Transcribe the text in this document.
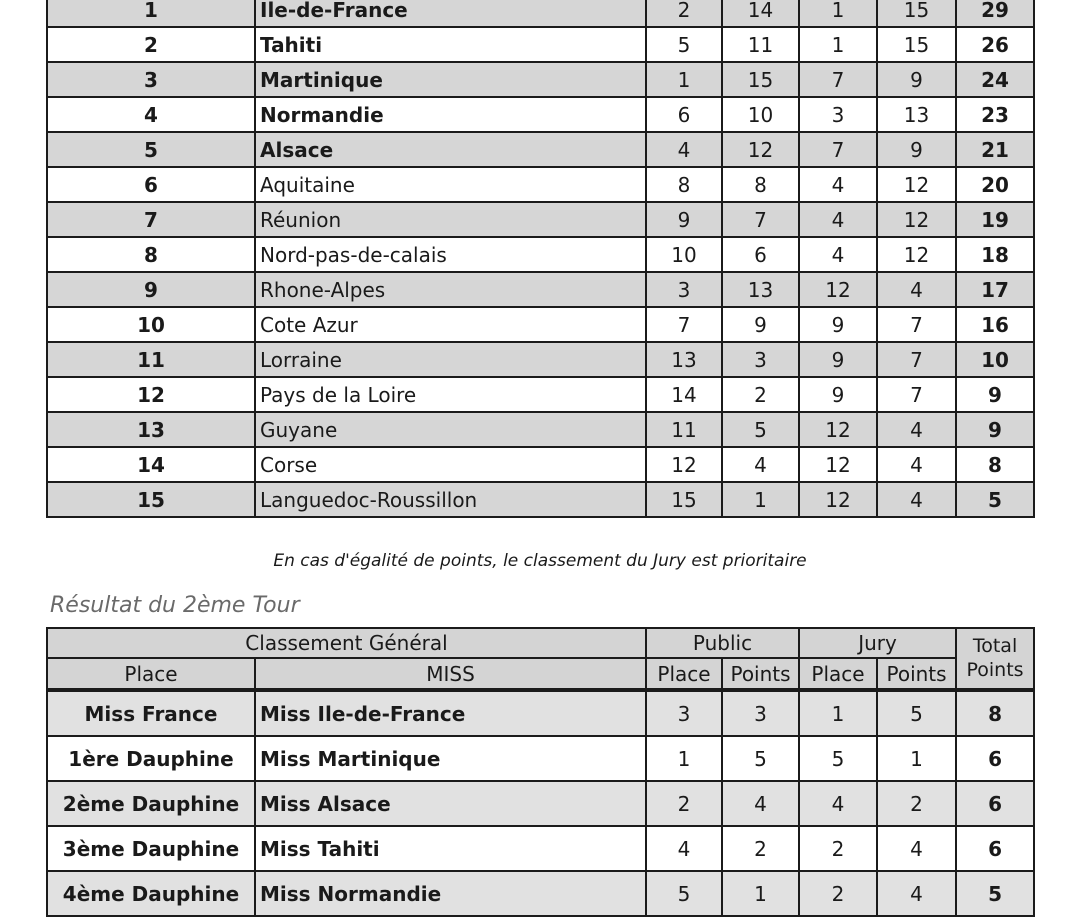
1	Ile-de-France	2	14	1	15	29
2	Tahiti	5	11	1	15	26
3	Martinique	1	15	7	9	24
4	Normandie	6	10	3	13	23
5	Alsace	4	12	7	9	21
6	Aquitaine	8	8	4	12	20
7	Réunion	9	7	4	12	19
8	Nord-pas-de-calais	10	6	4	12	18
9	Rhone-Alpes	3	13	12	4	17
10	Cote Azur	7	9	9	7	16
11	Lorraine	13	3	9	7	10
12	Pays de la Loire	14	2	9	7	9
13	Guyane	11	5	12	4	9
14	Corse	12	4	12	4	8
15	Languedoc-Roussillon	15	1	12	4	5
En cas d'égalité de points, le classement du Jury est prioritaire
Résultat du 2ème Tour
Classement Général		Public		Jury		Total
Points

Place	MISS	Place	Points	Place	Points	
Miss France	Miss Ile-de-France	3	3	1	5	8
1ère Dauphine	Miss Martinique	1	5	5	1	6
2ème Dauphine	Miss Alsace	2	4	4	2	6
3ème Dauphine	Miss Tahiti	4	2	2	4	6
4ème Dauphine	Miss Normandie	5	1	2	4	5
